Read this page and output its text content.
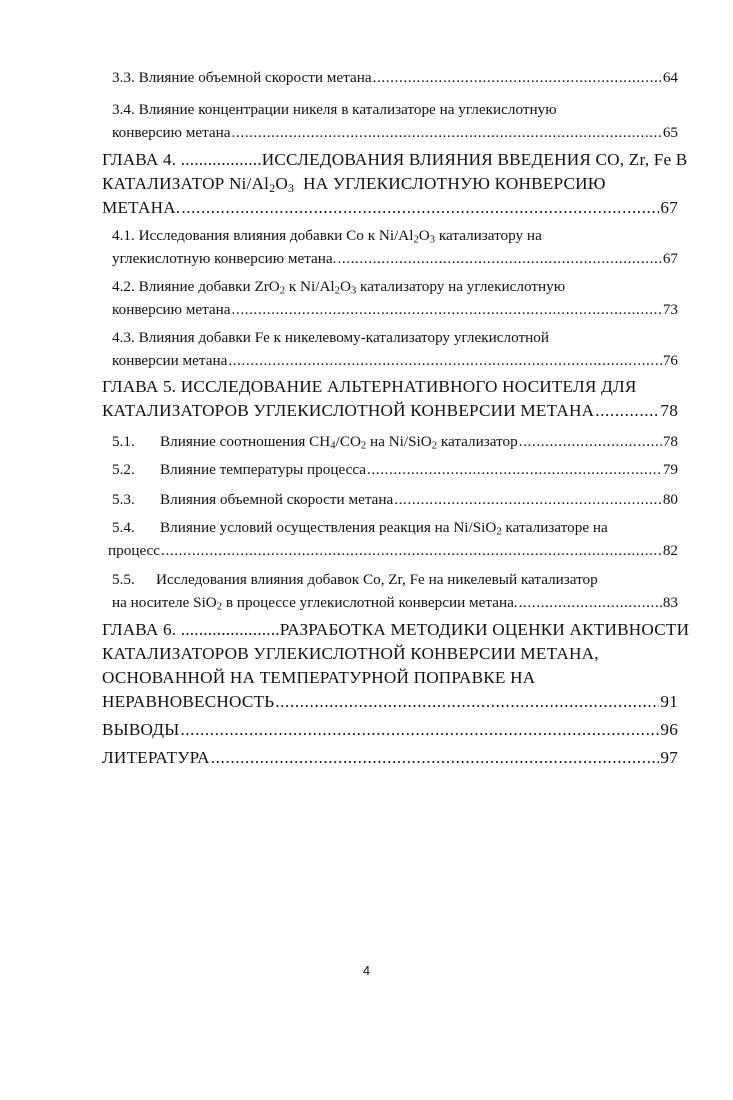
3.3. Влияние объемной скорости метана .....	64
3.4. Влияние концентрации никеля в катализаторе на углекислотную
конверсию метана .....	65
ГЛАВА 4. .................. ИССЛЕДОВАНИЯ ВЛИЯНИЯ ВВЕДЕНИЯ CO, Zr, Fe В
КАТАЛИЗАТОР $Ni/Al_2O_3$ НА УГЛЕКИСЛОТНУЮ КОНВЕРСИЮ
МЕТАНА. .....	67
4.1. Исследования влияния добавки Со к $Ni/Al_2O_3$ катализатору на
углекислотную конверсию метана. .....	67
4.2. Влияние добавки ZrO$_2$ к $Ni/Al_2O_3$ катализатору на углекислотную
конверсию метана .....	73
4.3. Влияния добавки Fe к никелевому-катализатору углекислотной
конверсии метана .....	76
ГЛАВА 5. ИССЛЕДОВАНИЕ АЛЬТЕРНАТИВНОГО НОСИТЕЛЯ ДЛЯ
КАТАЛИЗАТОРОВ УГЛЕКИСЛОТНОЙ КОНВЕРСИИ МЕТАНА .....	78
5.1. Влияние соотношения $CH_4/CO_2$ на Ni/SiO$_2$ катализатор .....	78
5.2. Влияние температуры процесса .....	79
5.3. Влияния объемной скорости метана .....	80
5.4. Влияние условий осуществления реакция на Ni/SiO$_2$ катализаторе на
процесс .....	82
5.5. Исследования влияния добавок Co, Zr, Fe на никелевый катализатор
на носителе SiO$_2$ в процессе углекислотной конверсии метана. .....	83
ГЛАВА 6. ...................... РАЗРАБОТКА МЕТОДИКИ ОЦЕНКИ АКТИВНОСТИ
КАТАЛИЗАТОРОВ УГЛЕКИСЛОТНОЙ КОНВЕРСИИ МЕТАНА,
ОСНОВАННОЙ НА ТЕМПЕРАТУРНОЙ ПОПРАВКЕ НА
НЕРАВНОВЕСНОСТЬ .....	91
ВЫВОДЫ .....	96
ЛИТЕРАТУРА .....	97
4
